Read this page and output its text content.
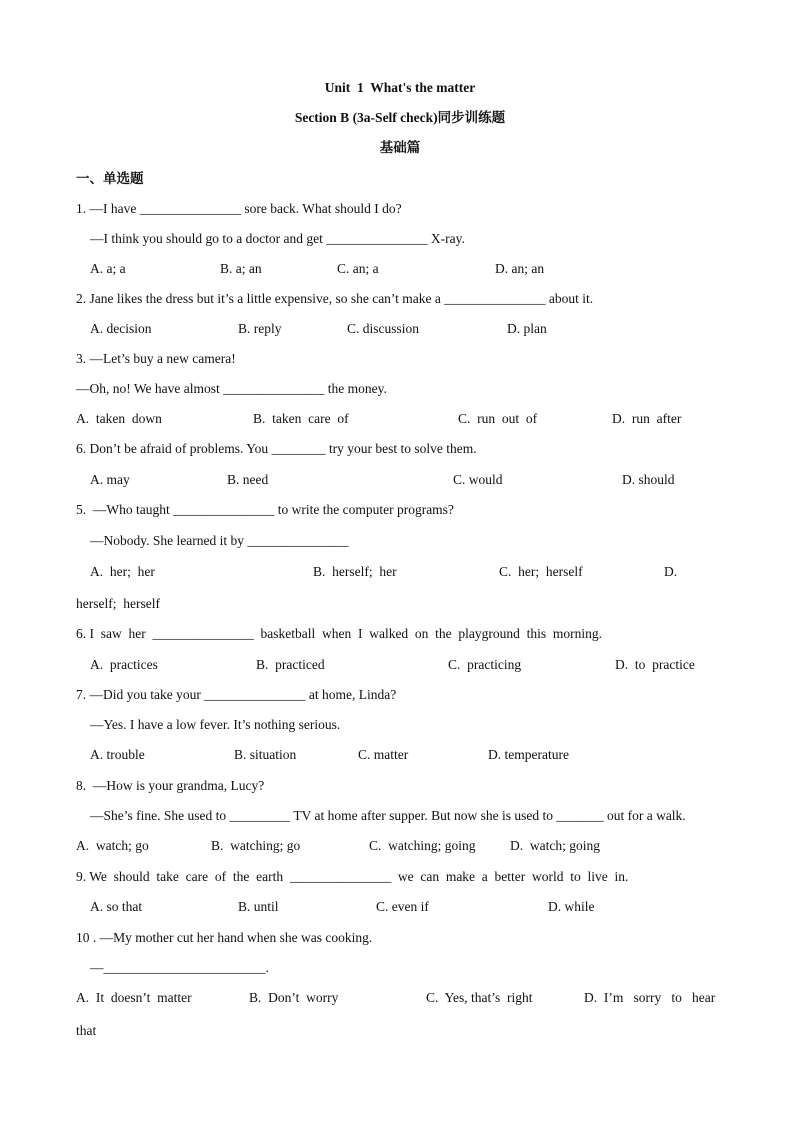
Unit  1  What's the matter
Section B (3a-Self check)同步训练题
基础篇
一、单选题
1. —I have _______________ sore back. What should I do?
—I think you should go to a doctor and get _______________ X-ray.
A. a; a	B. a; an	C. an; a	D. an; an
2. Jane likes the dress but it’s a little expensive, so she can’t make a _______________ about it.
A. decision	B. reply	C. discussion	D. plan
3. —Let’s buy a new camera!
—Oh, no! We have almost _______________ the money.
A.  taken  down	B.  taken  care  of	C.  run  out  of	D.  run  after
6. Don’t be afraid of problems. You ________ try your best to solve them.
A. may	B. need	C. would	D. should
5.  —Who taught _______________ to write the computer programs?
—Nobody. She learned it by _______________
A.  her;  her	B.  herself;  her	C.  her;  herself	D.
herself;  herself
6. I  saw  her  _______________  basketball  when  I  walked  on  the  playground  this  morning.
A.  practices	B.  practiced	C.  practicing	D.  to  practice
7. —Did you take your _______________ at home, Linda?
—Yes. I have a low fever. It’s nothing serious.
A. trouble	B. situation	C. matter	D. temperature
8.  —How is your grandma, Lucy?
—She’s fine. She used to _________ TV at home after supper. But now she is used to _______ out for a walk.
A.  watch; go	B.  watching; go	C.  watching; going	D.  watch; going
9. We  should  take  care  of  the  earth  _______________  we  can  make  a  better  world  to  live  in.
A. so that	B. until	C. even if	D. while
10 . —My mother cut her hand when she was cooking.
—________________________.
A.  It  doesn’t  matter	B.  Don’t  worry	C.  Yes, that’s  right	D.  I’m   sorry   to   hear
that
